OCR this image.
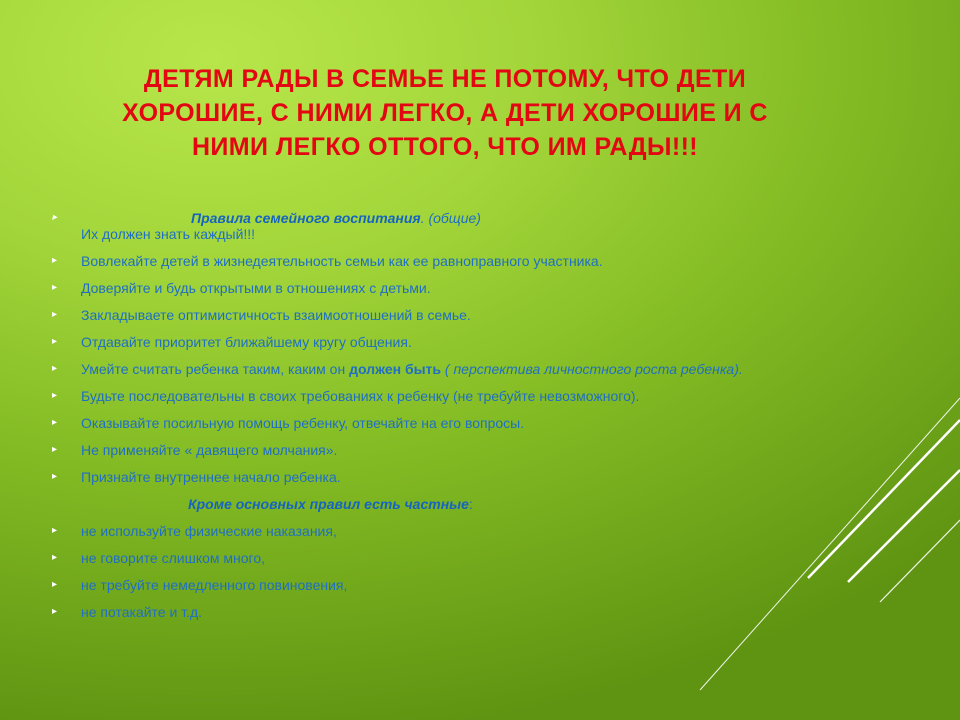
ДЕТЯМ РАДЫ В СЕМЬЕ НЕ ПОТОМУ, ЧТО ДЕТИ ХОРОШИЕ, С НИМИ ЛЕГКО, А ДЕТИ ХОРОШИЕ И С НИМИ ЛЕГКО ОТТОГО, ЧТО ИМ РАДЫ!!!
▸	Правила семейного воспитания. (общие)
Их должен знать каждый!!!
▸ Вовлекайте детей в жизнедеятельность семьи как ее равноправного участника.
▸ Доверяйте и будь открытыми в отношениях с детьми.
▸ Закладываете оптимистичность взаимоотношений в семье.
▸ Отдавайте приоритет ближайшему кругу общения.
▸ Умейте считать ребенка таким, каким он должен быть ( перспектива личностного роста ребенка).
▸ Будьте последовательны в своих требованиях к ребенку (не требуйте невозможного).
▸ Оказывайте посильную помощь ребенку, отвечайте на его вопросы.
▸ Не применяйте « давящего молчания».
▸ Признайте внутреннее начало ребенка.
Кроме основных правил есть частные:
▸ не используйте физические наказания,
▸ не говорите слишком много,
▸ не требуйте немедленного повиновения,
▸ не потакайте и т.д.
